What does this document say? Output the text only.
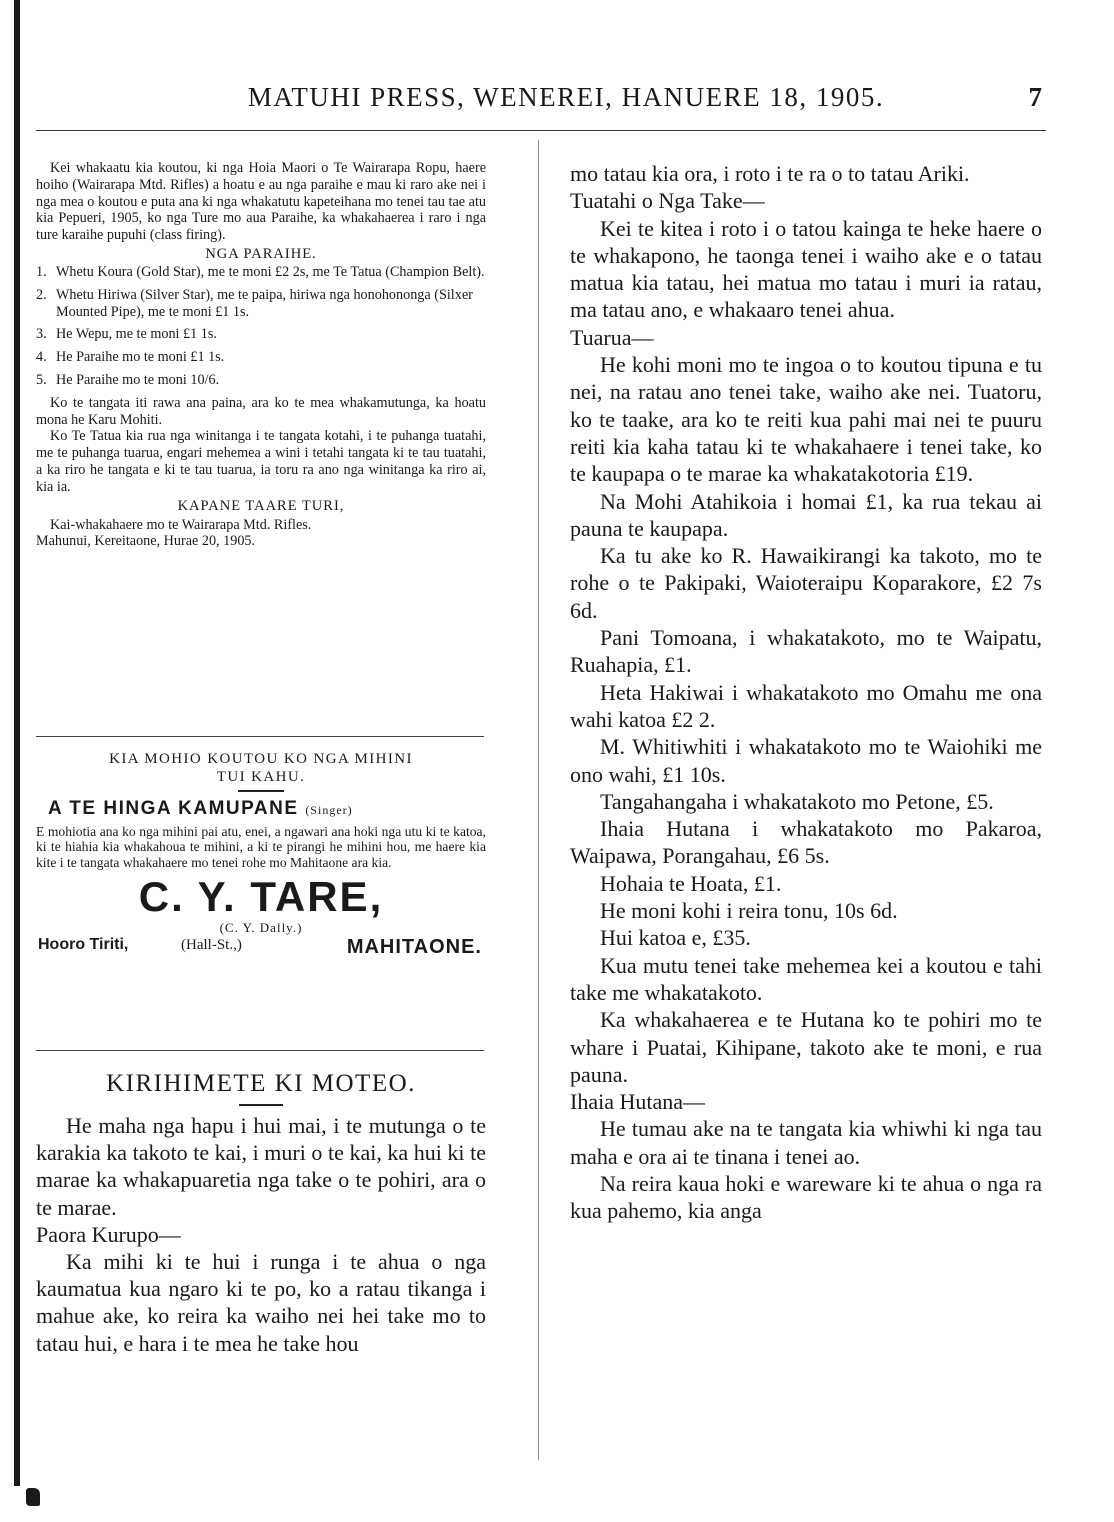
MATUHI PRESS, WENEREI, HANUERE 18, 1905.	7

Kei whakaatu kia koutou, ki nga Hoia Maori o Te Wairarapa Ropu, haere hoiho (Wairarapa Mtd. Rifles) a hoatu e au nga paraihe e mau ki raro ake nei i nga mea o koutou e puta ana ki nga whakatutu kapeteihana mo tenei tau tae atu kia Pepueri, 1905, ko nga Ture mo aua Paraihe, ka whakahaerea i raro i nga ture karaihe pupuhi (class firing).

NGA PARAIHE.
1. Whetu Koura (Gold Star), me te moni £2 2s, me Te Tatua (Champion Belt).
2. Whetu Hiriwa (Silver Star), me te paipa, hiriwa nga honohononga (Silxer Mounted Pipe), me te moni £1 1s.
3. He Wepu, me te moni £1 1s.
4. He Paraihe mo te moni £1 1s.
5. He Paraihe mo te moni 10/6.

Ko te tangata iti rawa ana paina, ara ko te mea whakamutunga, ka hoatu mona he Karu Mohiti.

Ko Te Tatua kia rua nga winitanga i te tangata kotahi, i te puhanga tuatahi, me te puhanga tuarua, engari mehemea a wini i tetahi tangata ki te tau tuatahi, a ka riro he tangata e ki te tau tuarua, ia toru ra ano nga winitanga ka riro ai, kia ia.

KAPANE TAARE TURI,

Kai-whakahaere mo te Wairarapa Mtd. Rifles.

Mahunui, Kereitaone, Hurae 20, 1905.

KIA MOHIO KOUTOU KO NGA MIHINI

TUI KAHU.

A TE HINGA KAMUPANE (Singer)

E mohiotia ana ko nga mihini pai atu, enei, a ngawari ana hoki nga utu ki te katoa, ki te hiahia kia whakahoua te mihini, a ki te pirangi he mihini hou, me haere kia kite i te tangata whakahaere mo tenei rohe mo Mahitaone ara kia.

C. Y. TARE,

(C. Y. Dally.)

Hooro Tiriti,	(Hall-St.,)	MAHITAONE.
KIRIHIMETE KI MOTEO.

He maha nga hapu i hui mai, i te mutunga o te karakia ka takoto te kai, i muri o te kai, ka hui ki te marae ka whakapuaretia nga take o te pohiri, ara o te marae.

Paora Kurupo—

Ka mihi ki te hui i runga i te ahua o nga kaumatua kua ngaro ki te po, ko a ratau tikanga i mahue ake, ko reira ka waiho nei hei take mo to tatau hui, e hara i te mea he take hou

mo tatau kia ora, i roto i te ra o to tatau Ariki.

Tuatahi o Nga Take—

Kei te kitea i roto i o tatou kainga te heke haere o te whakapono, he taonga tenei i waiho ake e o tatau matua kia tatau, hei matua mo tatau i muri ia ratau, ma tatau ano, e whakaaro tenei ahua.

Tuarua—

He kohi moni mo te ingoa o to koutou tipuna e tu nei, na ratau ano tenei take, waiho ake nei. Tuatoru, ko te taake, ara ko te reiti kua pahi mai nei te puuru reiti kia kaha tatau ki te whakahaere i tenei take, ko te kaupapa o te marae ka whakatakotoria £19.

Na Mohi Atahikoia i homai £1, ka rua tekau ai pauna te kaupapa.

Ka tu ake ko R. Hawaikirangi ka takoto, mo te rohe o te Pakipaki, Waioteraipu Koparakore, £2 7s 6d.

Pani Tomoana, i whakatakoto, mo te Waipatu, Ruahapia, £1.

Heta Hakiwai i whakatakoto mo Omahu me ona wahi katoa £2 2.

M. Whitiwhiti i whakatakoto mo te Waiohiki me ono wahi, £1 10s.

Tangahangaha i whakatakoto mo Petone, £5.

Ihaia Hutana i whakatakoto mo Pakaroa, Waipawa, Porangahau, £6 5s.

Hohaia te Hoata, £1.

He moni kohi i reira tonu, 10s 6d.

Hui katoa e, £35.

Kua mutu tenei take mehemea kei a koutou e tahi take me whakatakoto.

Ka whakahaerea e te Hutana ko te pohiri mo te whare i Puatai, Kihipane, takoto ake te moni, e rua pauna.

Ihaia Hutana—

He tumau ake na te tangata kia whiwhi ki nga tau maha e ora ai te tinana i tenei ao.

Na reira kaua hoki e wareware ki te ahua o nga ra kua pahemo, kia anga
